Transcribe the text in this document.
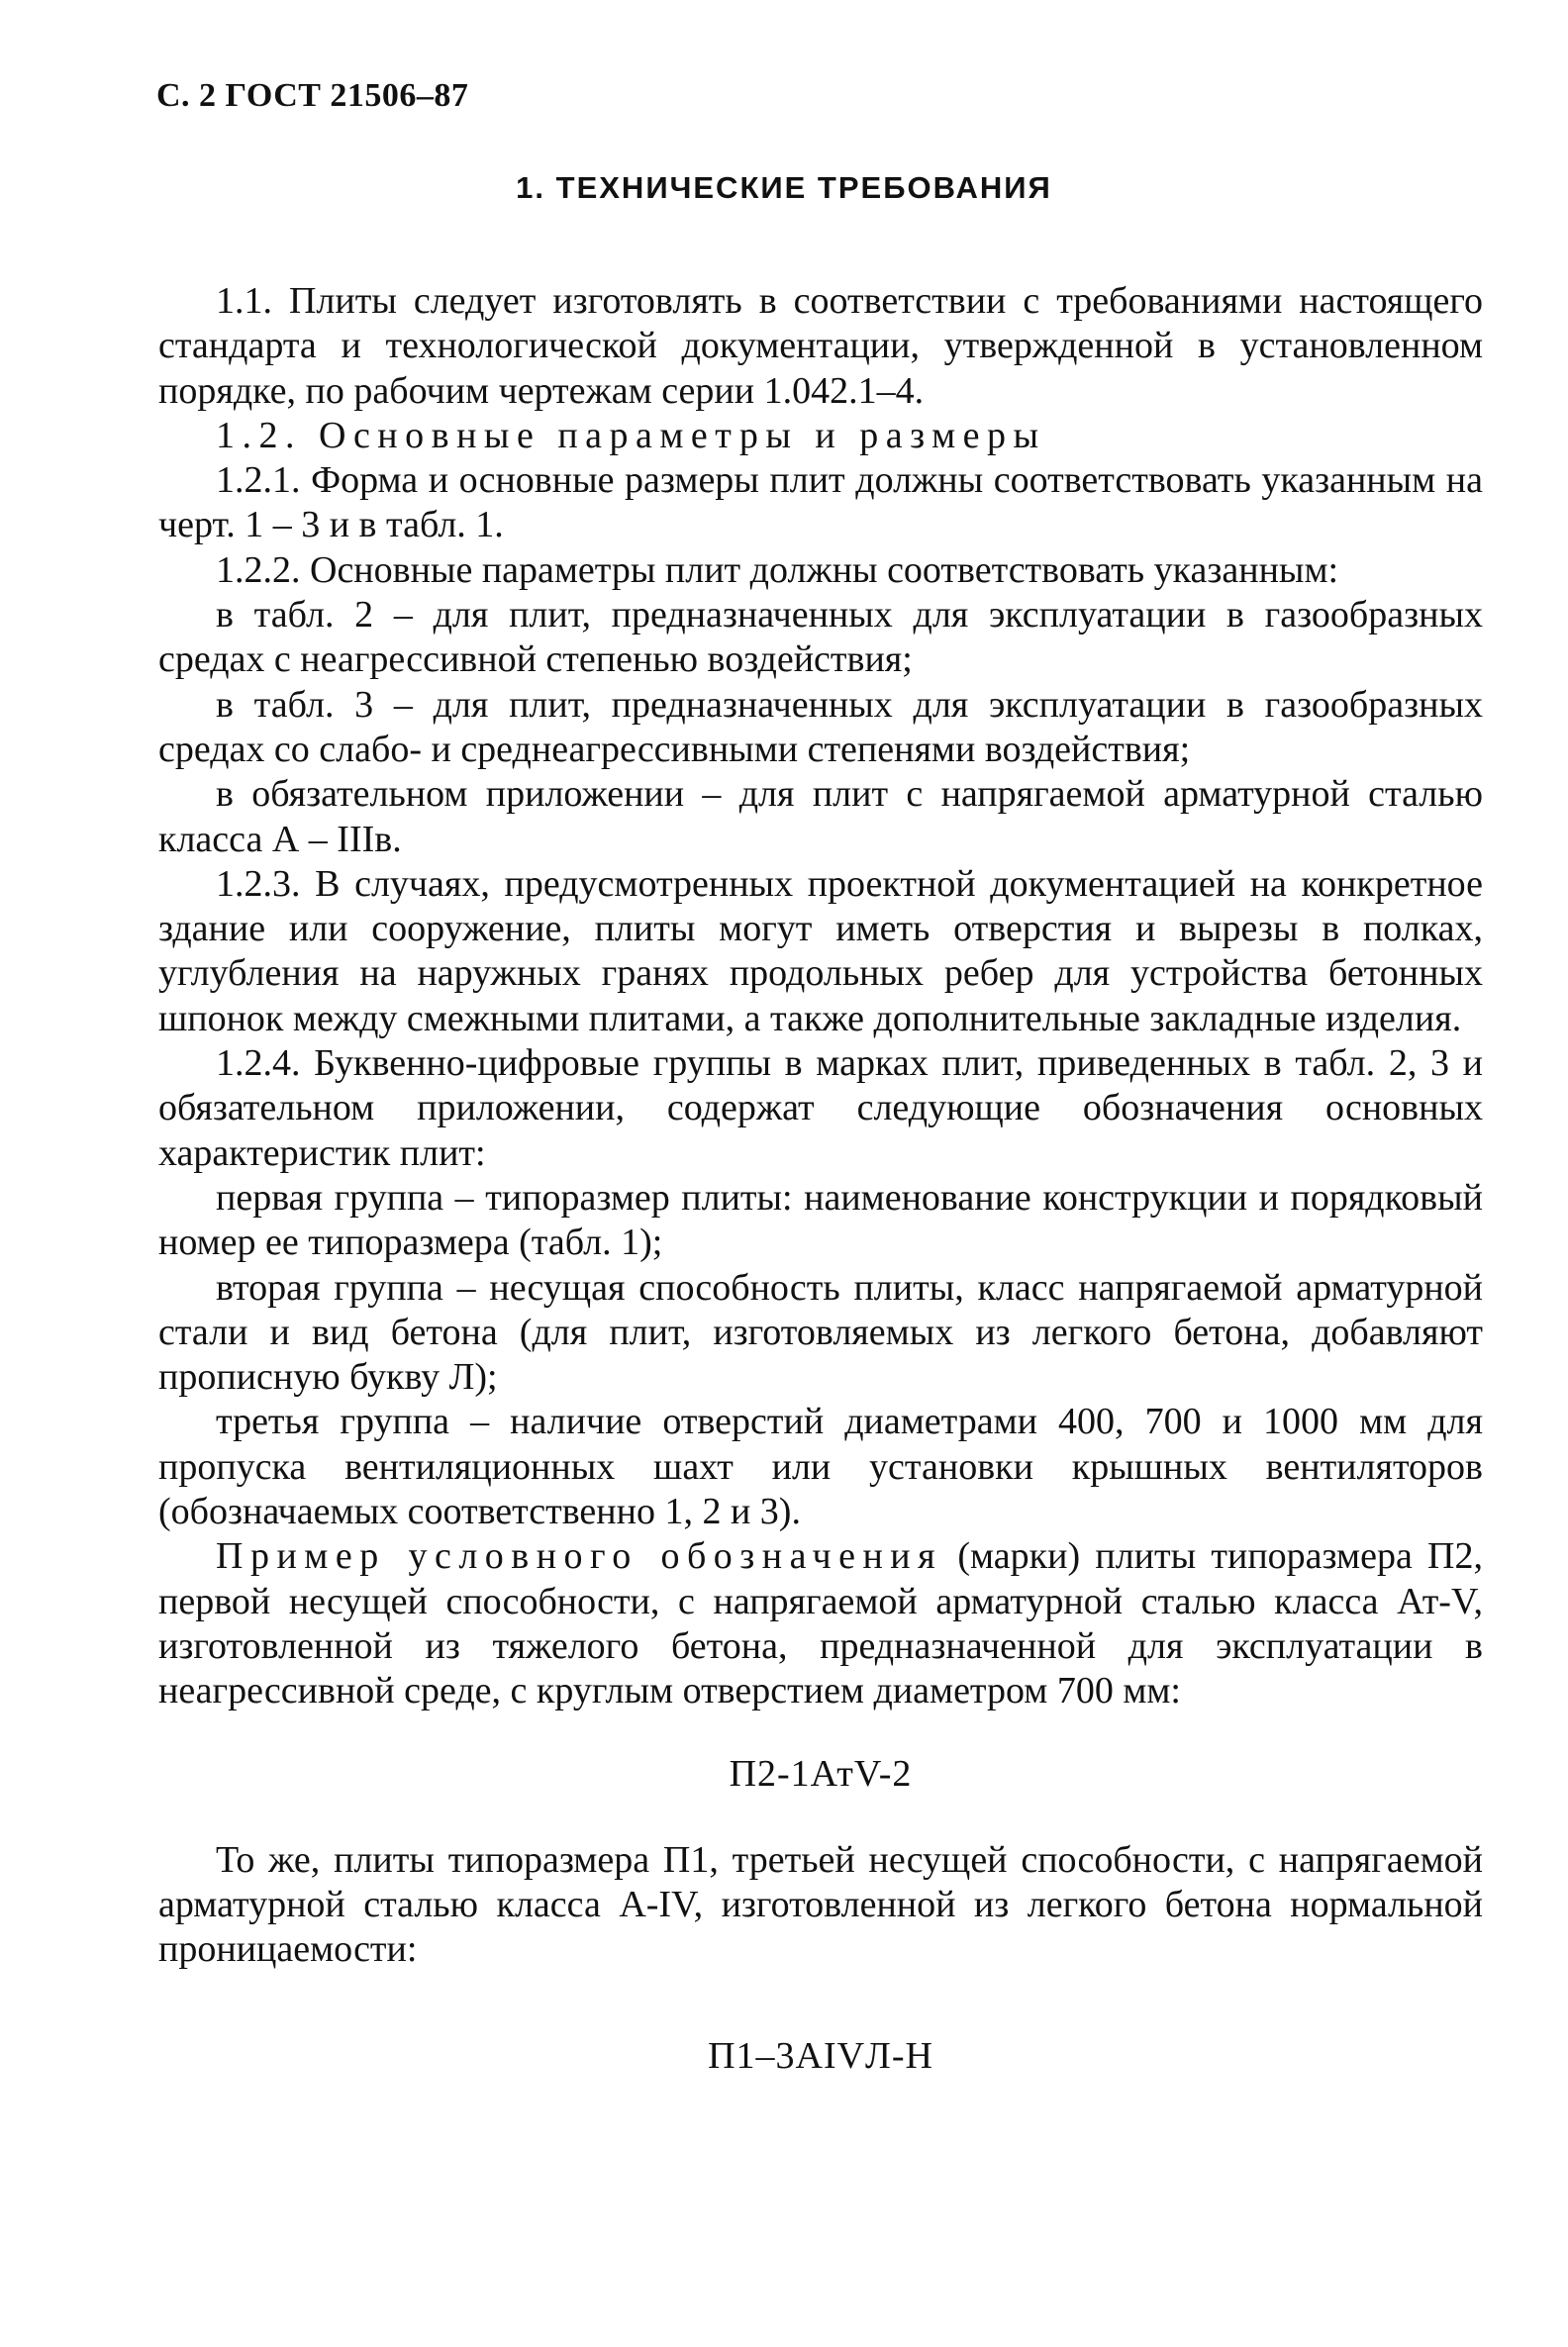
С. 2 ГОСТ 21506–87
1. ТЕХНИЧЕСКИЕ ТРЕБОВАНИЯ

1.1. Плиты следует изготовлять в соответствии с требованиями настоящего стандарта и технологической документации, утвержденной в установленном порядке, по рабочим чертежам серии 1.042.1–4.

1.2. Основные параметры и размеры

1.2.1. Форма и основные размеры плит должны соответствовать указанным на черт. 1 – 3 и в табл. 1.

1.2.2. Основные параметры плит должны соответствовать указанным:

в табл. 2 – для плит, предназначенных для эксплуатации в газообразных средах с неагрессивной степенью воздействия;

в табл. 3 – для плит, предназначенных для эксплуатации в газообразных средах со слабо- и среднеагрессивными степенями воздействия;

в обязательном приложении – для плит с напрягаемой арматурной сталью класса А – IIIв.

1.2.3. В случаях, предусмотренных проектной документацией на конкретное здание или сооружение, плиты могут иметь отверстия и вырезы в полках, углубления на наружных гранях продольных ребер для устройства бетонных шпонок между смежными плитами, а также дополнительные закладные изделия.

1.2.4. Буквенно-цифровые группы в марках плит, приведенных в табл. 2, 3 и обязательном приложении, содержат следующие обозначения основных характеристик плит:

первая группа – типоразмер плиты: наименование конструкции и порядковый номер ее типоразмера (табл. 1);

вторая группа – несущая способность плиты, класс напрягаемой арматурной стали и вид бетона (для плит, изготовляемых из легкого бетона, добавляют прописную букву Л);

третья группа – наличие отверстий диаметрами 400, 700 и 1000 мм для пропуска вентиляционных шахт или установки крышных вентиляторов (обозначаемых соответственно 1, 2 и 3).

Пример условного обозначения (марки) плиты типоразмера П2, первой несущей способности, с напрягаемой арматурной сталью класса Ат-V, изготовленной из тяжелого бетона, предназначенной для эксплуатации в неагрессивной среде, с круглым отверстием диаметром 700 мм:

П2-1АтV-2

То же, плиты типоразмера П1, третьей несущей способности, с напрягаемой арматурной сталью класса А-IV, изготовленной из легкого бетона нормальной проницаемости:

П1–3АIVЛ-Н
